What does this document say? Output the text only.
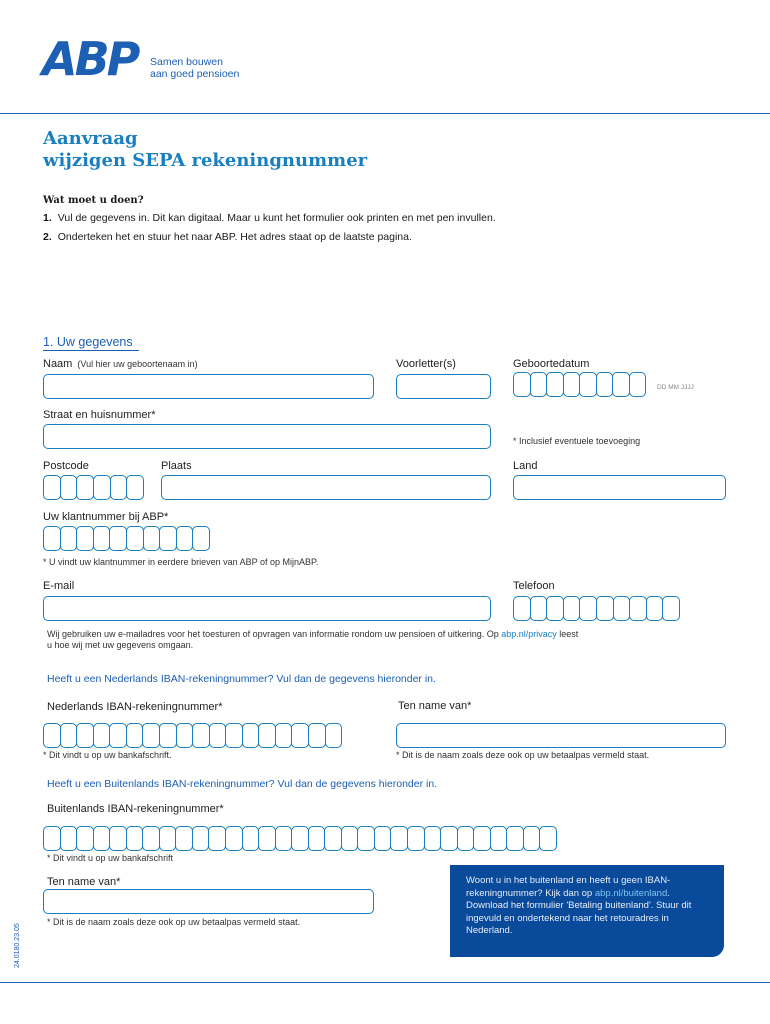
ABP Samen bouwen
aan goed pensioen
Aanvraag
wijzigen SEPA rekeningnummer
Wat moet u doen?
1. Vul de gegevens in. Dit kan digitaal. Maar u kunt het formulier ook printen en met pen invullen.
2. Onderteken het en stuur het naar ABP. Het adres staat op de laatste pagina.
1. Uw gegevens
Naam (Vul hier uw geboortenaam in)	Voorletter(s)	Geboortedatum
DD MM JJJJ
Straat en huisnummer*
* Inclusief eventuele toevoeging
Postcode	Plaats	Land
Uw klantnummer bij ABP*
* U vindt uw klantnummer in eerdere brieven van ABP of op MijnABP.
E-mail	Telefoon
Wij gebruiken uw e-mailadres voor het toesturen of opvragen van informatie rondom uw pensioen of uitkering. Op abp.nl/privacy leest
u hoe wij met uw gegevens omgaan.
Heeft u een Nederlands IBAN-rekeningnummer? Vul dan de gegevens hieronder in.
Nederlands IBAN-rekeningnummer*
* Dit vindt u op uw bankafschrift.
Ten name van*
* Dit is de naam zoals deze ook op uw betaalpas vermeld staat.
Heeft u een Buitenlands IBAN-rekeningnummer? Vul dan de gegevens hieronder in.
Buitenlands IBAN-rekeningnummer*
* Dit vindt u op uw bankafschrift
Ten name van*
* Dit is de naam zoals deze ook op uw betaalpas vermeld staat.
Woont u in het buitenland en heeft u geen IBAN-rekeningnummer? Kijk dan op abp.nl/buitenland. Download het formulier 'Betaling buitenland'. Stuur dit ingevuld en ondertekend naar het retouradres in Nederland.
24.0180.23.05
